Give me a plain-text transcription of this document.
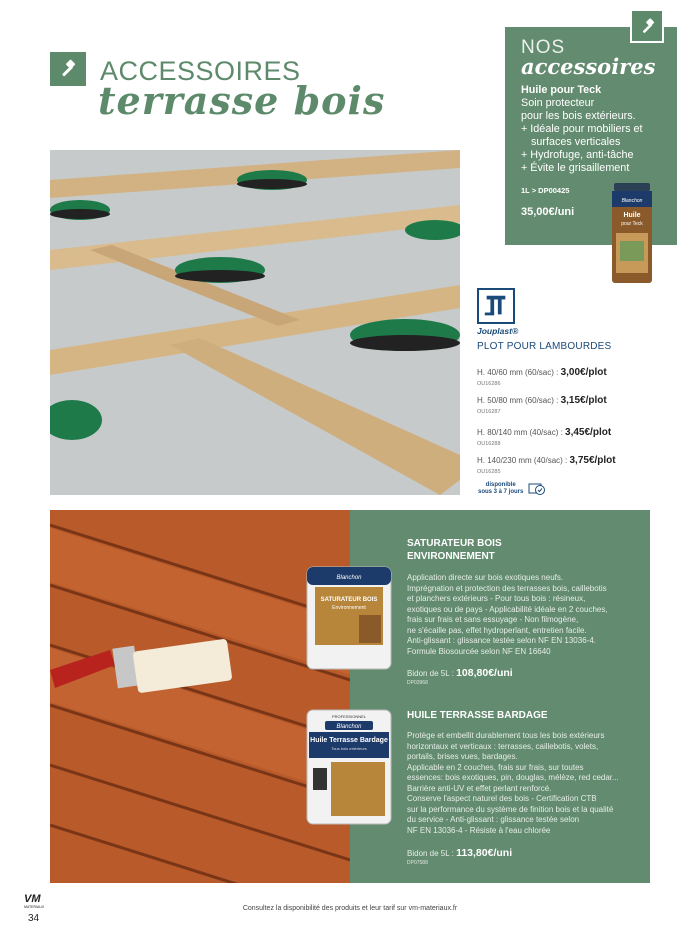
ACCESSOIRES
terrasse bois
NOS
accessoires
Huile pour Teck
Soin protecteur
pour les bois extérieurs.
+ Idéale pour mobiliers et
surfaces verticales
+ Hydrofuge, anti-tâche
+ Évite le grisaillement
1L > DP00425
35,00€/uni
Blanchon
Huile
pour Teck
Jouplast®
PLOT POUR LAMBOURDES
H. 40/60 mm (60/sac) : 3,00€/plot
OU16286
H. 50/80 mm (60/sac) : 3,15€/plot
OU16287
H. 80/140 mm (40/sac) : 3,45€/plot
OU16288
H. 140/230 mm (40/sac) : 3,75€/plot
OU16285
disponible
sous 3 à 7 jours
SATURATEUR BOIS
ENVIRONNEMENT
Application directe sur bois exotiques neufs.
Imprégnation et protection des terrasses bois, caillebotis
et planchers extérieurs - Pour tous bois : résineux,
exotiques ou de pays - Applicabilité idéale en 2 couches,
frais sur frais et sans essuyage - Non filmogène,
ne s'écaille pas, effet hydroperlant, entretien facile.
Anti-glissant : glissance testée selon NF EN 13036-4.
Formule Biosourcée selon NF EN 16640
Bidon de 5L : 108,80€/uni
DP03968
HUILE TERRASSE BARDAGE
Protège et embellit durablement tous les bois extérieurs
horizontaux et verticaux : terrasses, caillebotis, volets,
portails, brises vues, bardages.
Applicable en 2 couches, frais sur frais, sur toutes
essences: bois exotiques, pin, douglas, mélèze, red cedar...
Barrière anti-UV et effet perlant renforcé.
Conserve l'aspect naturel des bois - Certification CTB
sur la performance du système de finition bois et la qualité
du service - Anti-glissant : glissance testée selon
NF EN 13036-4 - Résiste à l'eau chlorée
Bidon de 5L : 113,80€/uni
DP07588
Blanchon
SATURATEUR BOIS
Environnement
PROFESSIONNEL
Blanchon
Huile Terrasse Bardage
Tous bois extérieurs
VM
MATERIAUX
34
Consultez la disponibilité des produits et leur tarif sur vm-materiaux.fr
